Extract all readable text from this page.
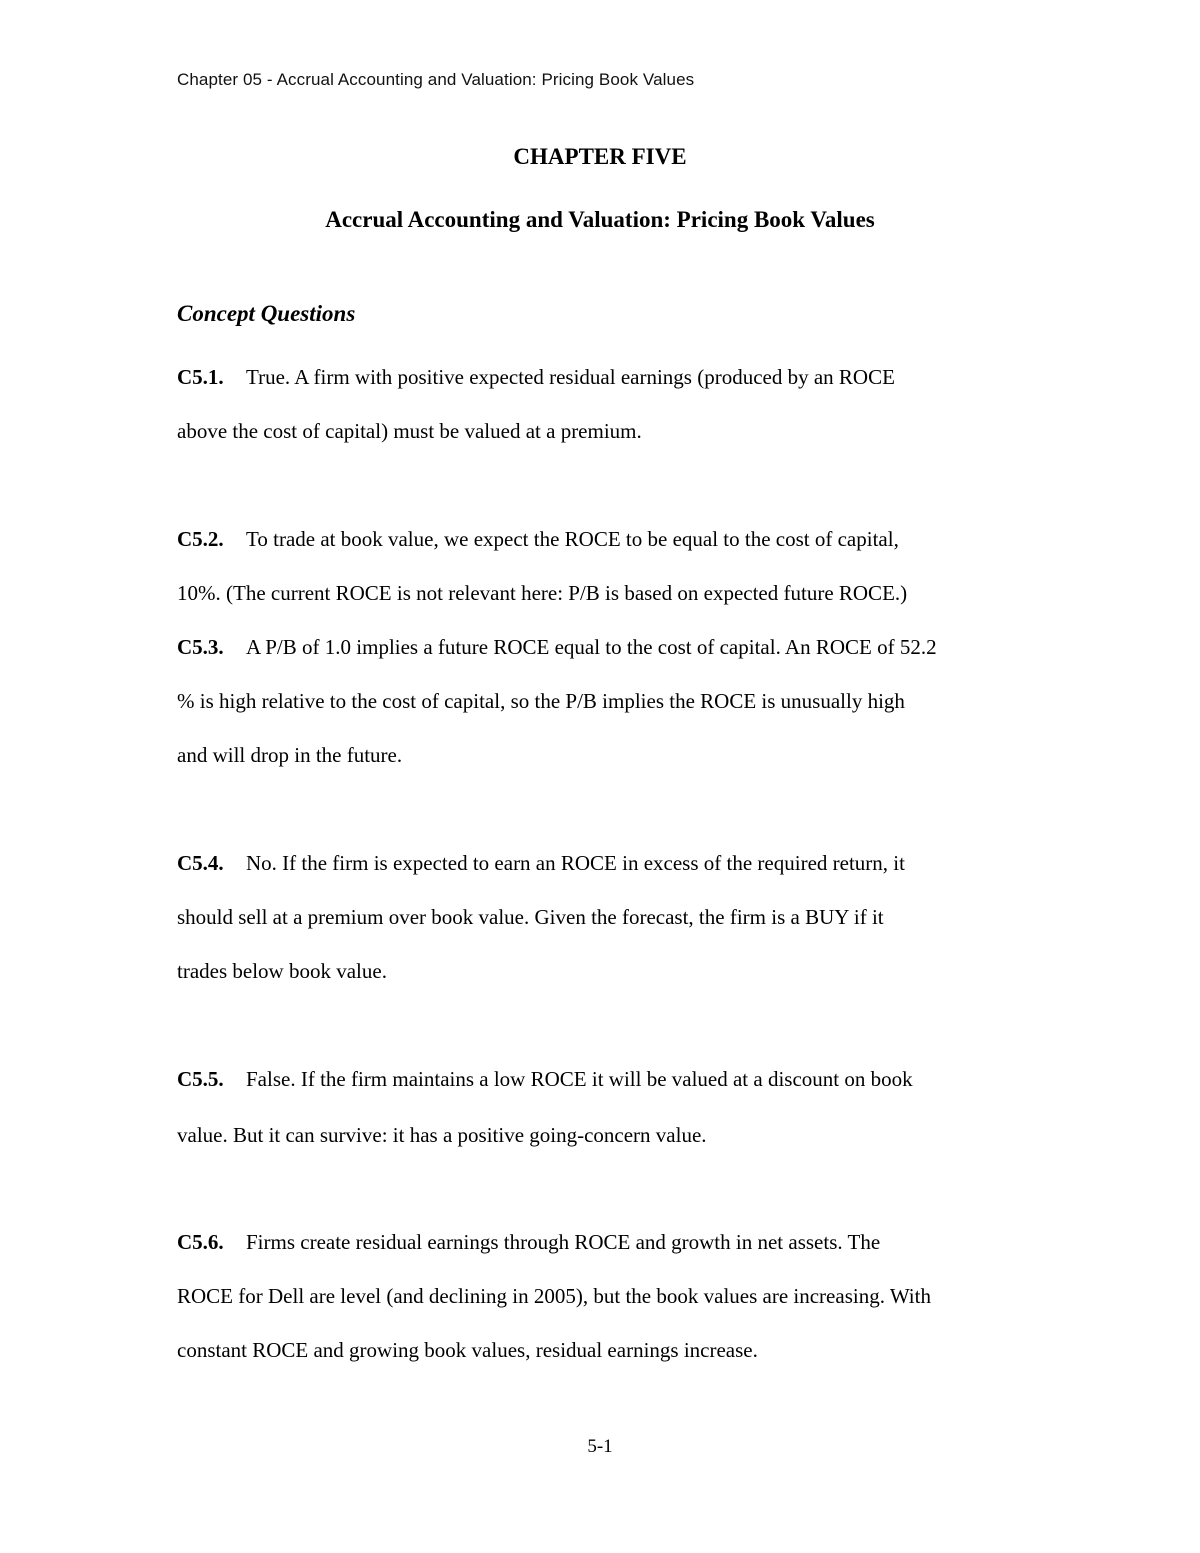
Chapter 05 - Accrual Accounting and Valuation: Pricing Book Values
CHAPTER FIVE
Accrual Accounting and Valuation: Pricing Book Values
Concept Questions
C5.1. True. A firm with positive expected residual earnings (produced by an ROCE
above the cost of capital) must be valued at a premium.
C5.2. To trade at book value, we expect the ROCE to be equal to the cost of capital,
10%. (The current ROCE is not relevant here: P/B is based on expected future ROCE.)
C5.3. A P/B of 1.0 implies a future ROCE equal to the cost of capital. An ROCE of 52.2
% is high relative to the cost of capital, so the P/B implies the ROCE is unusually high
and will drop in the future.
C5.4. No. If the firm is expected to earn an ROCE in excess of the required return, it
should sell at a premium over book value. Given the forecast, the firm is a BUY if it
trades below book value.
C5.5. False. If the firm maintains a low ROCE it will be valued at a discount on book
value. But it can survive: it has a positive going-concern value.
C5.6. Firms create residual earnings through ROCE and growth in net assets. The
ROCE for Dell are level (and declining in 2005), but the book values are increasing. With
constant ROCE and growing book values, residual earnings increase.
5-1
